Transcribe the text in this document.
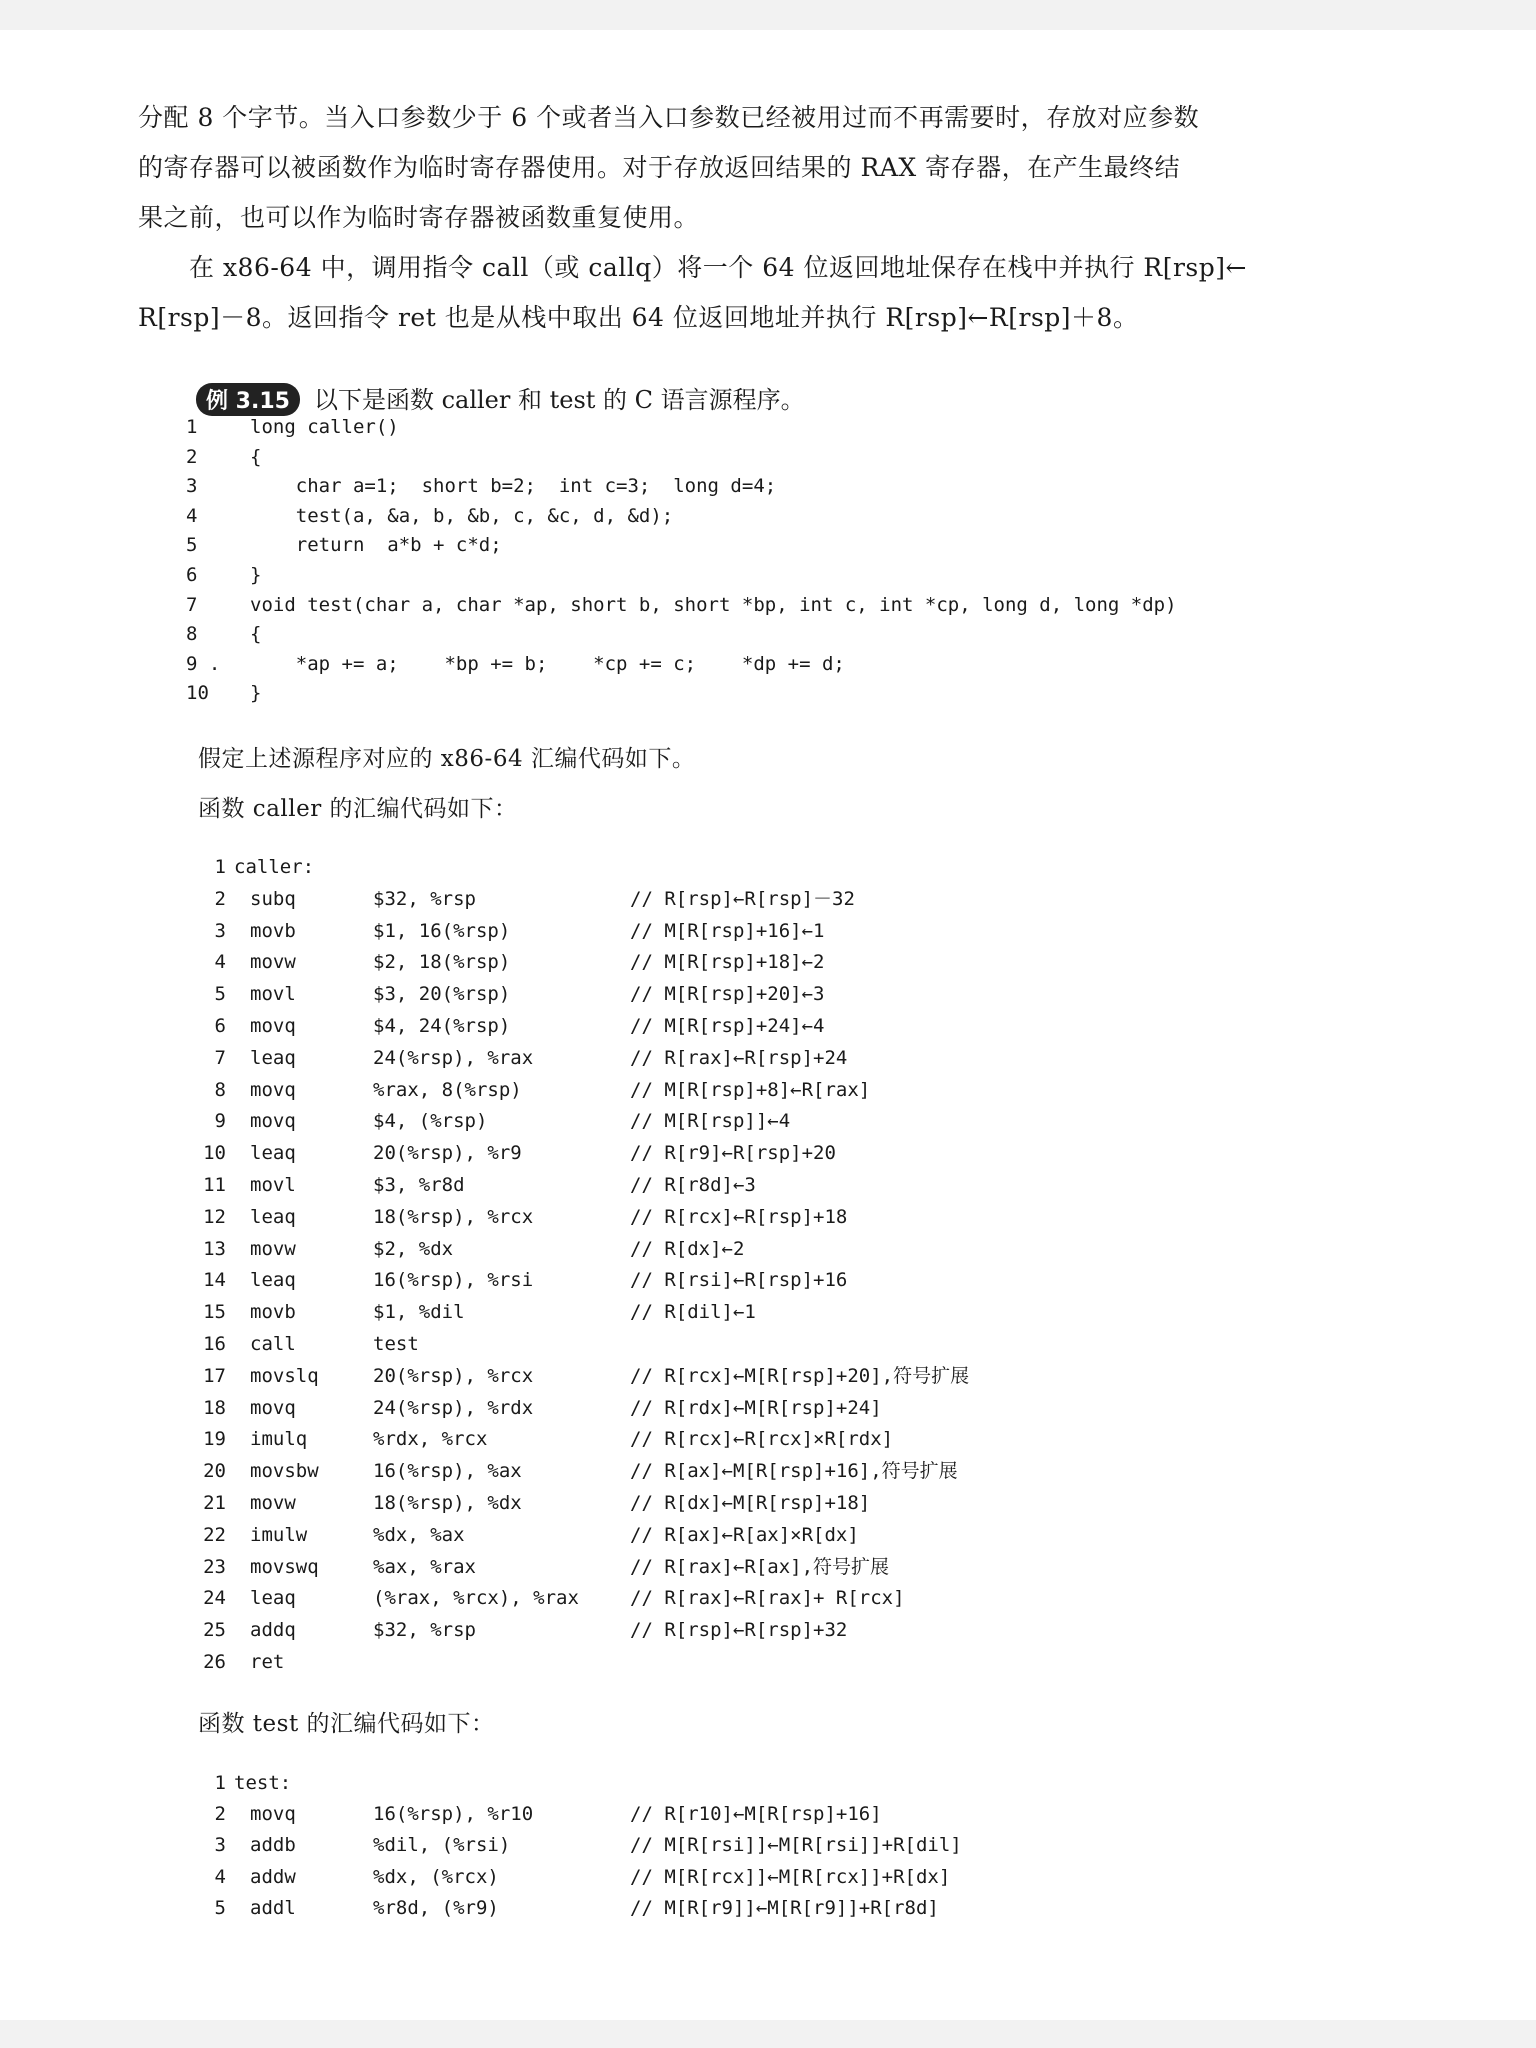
分配 8 个字节。当入口参数少于 6 个或者当入口参数已经被用过而不再需要时，存放对应参数
的寄存器可以被函数作为临时寄存器使用。对于存放返回结果的 RAX 寄存器，在产生最终结
果之前，也可以作为临时寄存器被函数重复使用。
　　在 x86-64 中，调用指令 call（或 callq）将一个 64 位返回地址保存在栈中并执行 R[rsp]←
R[rsp]－8。返回指令 ret 也是从栈中取出 64 位返回地址并执行 R[rsp]←R[rsp]＋8。
例 3.15 以下是函数 caller 和 test 的 C 语言源程序。
1	long caller()
2	{
3	char a=1;  short b=2;  int c=3;  long d=4;
4	test(a, &a, b, &b, c, &c, d, &d);
5	return  a*b + c*d;
6	}
7	void test(char a, char *ap, short b, short *bp, int c, int *cp, long d, long *dp)
8	{
9 . *ap += a;    *bp += b;    *cp += c;    *dp += d;
10	}
假定上述源程序对应的 x86-64 汇编代码如下。
函数 caller 的汇编代码如下：
1 caller:
2 subq	$32, %rsp	// R[rsp]←R[rsp]－32
3 movb	$1, 16(%rsp)	// M[R[rsp]+16]←1
4 movw	$2, 18(%rsp)	// M[R[rsp]+18]←2
5 movl	$3, 20(%rsp)	// M[R[rsp]+20]←3
6 movq	$4, 24(%rsp)	// M[R[rsp]+24]←4
7 leaq	24(%rsp), %rax	// R[rax]←R[rsp]+24
8 movq	%rax, 8(%rsp)	// M[R[rsp]+8]←R[rax]
9 movq	$4, (%rsp)	// M[R[rsp]]←4
10 leaq	20(%rsp), %r9	// R[r9]←R[rsp]+20
11 movl	$3, %r8d	// R[r8d]←3
12 leaq	18(%rsp), %rcx	// R[rcx]←R[rsp]+18
13 movw	$2, %dx	// R[dx]←2
14 leaq	16(%rsp), %rsi	// R[rsi]←R[rsp]+16
15 movb	$1, %dil	// R[dil]←1
16 call	test
17 movslq	20(%rsp), %rcx	// R[rcx]←M[R[rsp]+20],符号扩展
18 movq	24(%rsp), %rdx	// R[rdx]←M[R[rsp]+24]
19 imulq	%rdx, %rcx	// R[rcx]←R[rcx]×R[rdx]
20 movsbw	16(%rsp), %ax	// R[ax]←M[R[rsp]+16],符号扩展
21 movw	18(%rsp), %dx	// R[dx]←M[R[rsp]+18]
22 imulw	%dx, %ax	// R[ax]←R[ax]×R[dx]
23 movswq	%ax, %rax	// R[rax]←R[ax],符号扩展
24 leaq	(%rax, %rcx), %rax	// R[rax]←R[rax]+ R[rcx]
25 addq	$32, %rsp	// R[rsp]←R[rsp]+32
26 ret
函数 test 的汇编代码如下：
1 test:
2 movq	16(%rsp), %r10	// R[r10]←M[R[rsp]+16]
3 addb	%dil, (%rsi)	// M[R[rsi]]←M[R[rsi]]+R[dil]
4 addw	%dx, (%rcx)	// M[R[rcx]]←M[R[rcx]]+R[dx]
5 addl	%r8d, (%r9)	// M[R[r9]]←M[R[r9]]+R[r8d]
